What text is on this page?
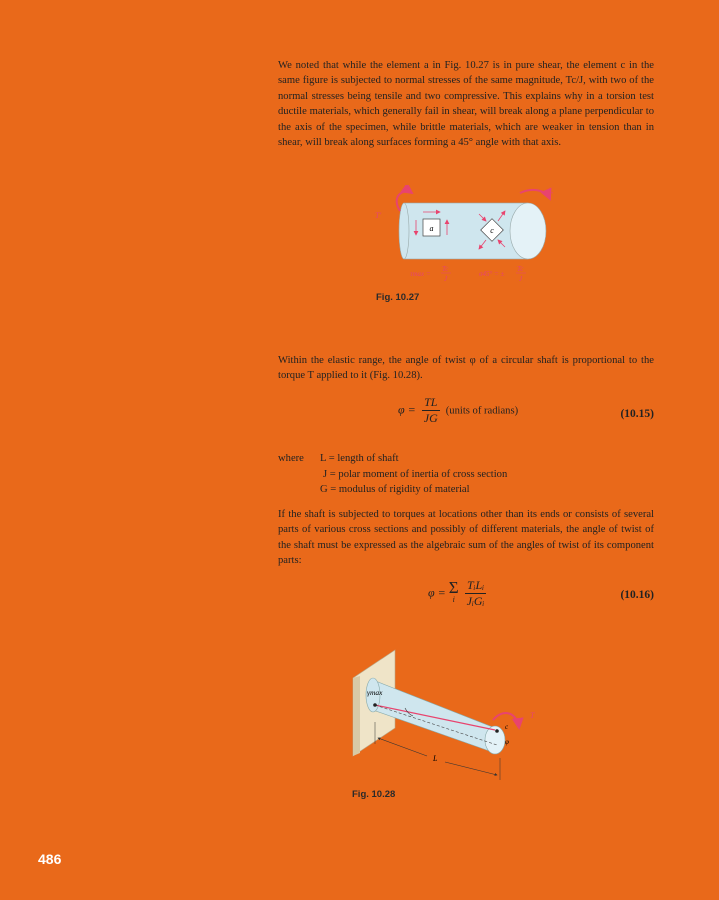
We noted that while the element a in Fig. 10.27 is in pure shear, the element c in the same figure is subjected to normal stresses of the same magnitude, Tc/J, with two of the normal stresses being tensile and two compressive. This explains why in a torsion test ductile materials, which generally fail in shear, will break along a plane perpendicular to the axis of the specimen, while brittle materials, which are weaker in tension than in shear, will break along surfaces forming a 45° angle with that axis.

a	c
T'
T
τmax =
Tc
J
σ45° = ±
Tc
J
Fig. 10.27

Within the elastic range, the angle of twist φ of a circular shaft is proportional to the torque T applied to it (Fig. 10.28).

$\varphi = \frac{TL}{JG}$ (units of radians)	(10.15)
where L = length of shaft
J = polar moment of inertia of cross section
G = modulus of rigidity of material

If the shaft is subjected to torques at locations other than its ends or consists of several parts of various cross sections and possibly of different materials, the angle of twist of the shaft must be expressed as the algebraic sum of the angles of twist of its component parts:

φ = Σ
i
$\frac{\text{TᵢLᵢ}}{\text{JᵢGᵢ}}$	(10.16)
γmax
T
c
φ
L
Fig. 10.28
486
